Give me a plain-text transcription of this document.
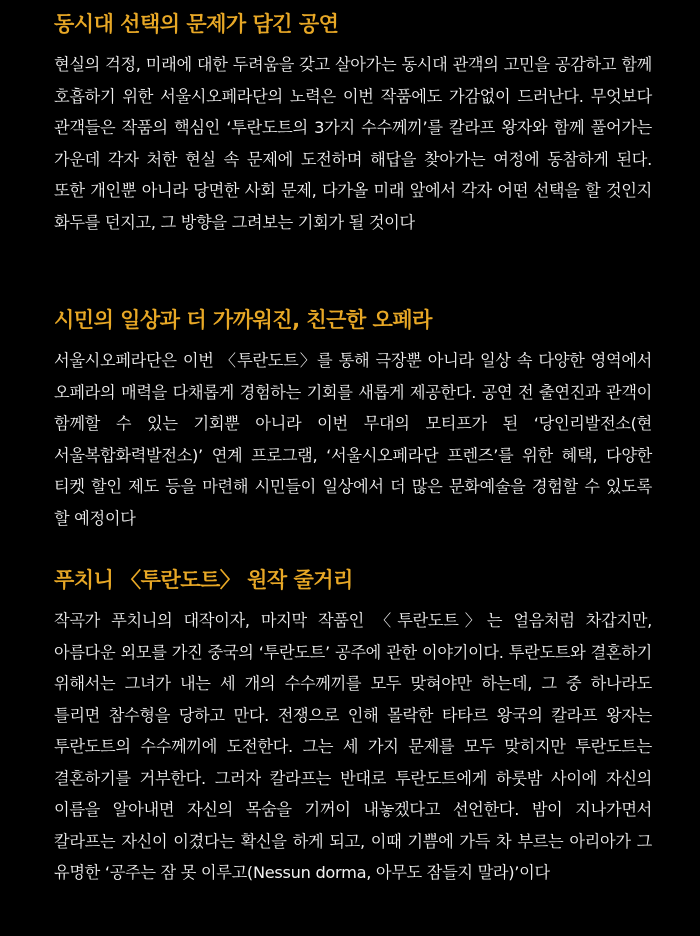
동시대 선택의 문제가 담긴 공연

현실의 걱정, 미래에 대한 두려움을 갖고 살아가는 동시대 관객의 고민을 공감하고 함께 호흡하기 위한 서울시오페라단의 노력은 이번 작품에도 가감없이 드러난다. 무엇보다 관객들은 작품의 핵심인 ‘투란도트의 3가지 수수께끼’를 칼라프 왕자와 함께 풀어가는 가운데 각자 처한 현실 속 문제에 도전하며 해답을 찾아가는 여정에 동참하게 된다. 또한 개인뿐 아니라 당면한 사회 문제, 다가올 미래 앞에서 각자 어떤 선택을 할 것인지 화두를 던지고, 그 방향을 그려보는 기회가 될 것이다

시민의 일상과 더 가까워진, 친근한 오페라

서울시오페라단은 이번 〈투란도트〉를 통해 극장뿐 아니라 일상 속 다양한 영역에서 오페라의 매력을 다채롭게 경험하는 기회를 새롭게 제공한다. 공연 전 출연진과 관객이 함께할 수 있는 기회뿐 아니라 이번 무대의 모티프가 된 ‘당인리발전소(현 서울복합화력발전소)’ 연계 프로그램, ‘서울시오페라단 프렌즈’를 위한 혜택, 다양한 티켓 할인 제도 등을 마련해 시민들이 일상에서 더 많은 문화예술을 경험할 수 있도록 할 예정이다

푸치니 〈투란도트〉 원작 줄거리

작곡가 푸치니의 대작이자, 마지막 작품인 〈투란도트〉는 얼음처럼 차갑지만, 아름다운 외모를 가진 중국의 ‘투란도트’ 공주에 관한 이야기이다. 투란도트와 결혼하기 위해서는 그녀가 내는 세 개의 수수께끼를 모두 맞혀야만 하는데, 그 중 하나라도 틀리면 참수형을 당하고 만다. 전쟁으로 인해 몰락한 타타르 왕국의 칼라프 왕자는 투란도트의 수수께끼에 도전한다. 그는 세 가지 문제를 모두 맞히지만 투란도트는 결혼하기를 거부한다. 그러자 칼라프는 반대로 투란도트에게 하룻밤 사이에 자신의 이름을 알아내면 자신의 목숨을 기꺼이 내놓겠다고 선언한다. 밤이 지나가면서 칼라프는 자신이 이겼다는 확신을 하게 되고, 이때 기쁨에 가득 차 부르는 아리아가 그 유명한 ‘공주는 잠 못 이루고(Nessun dorma, 아무도 잠들지 말라)’이다
